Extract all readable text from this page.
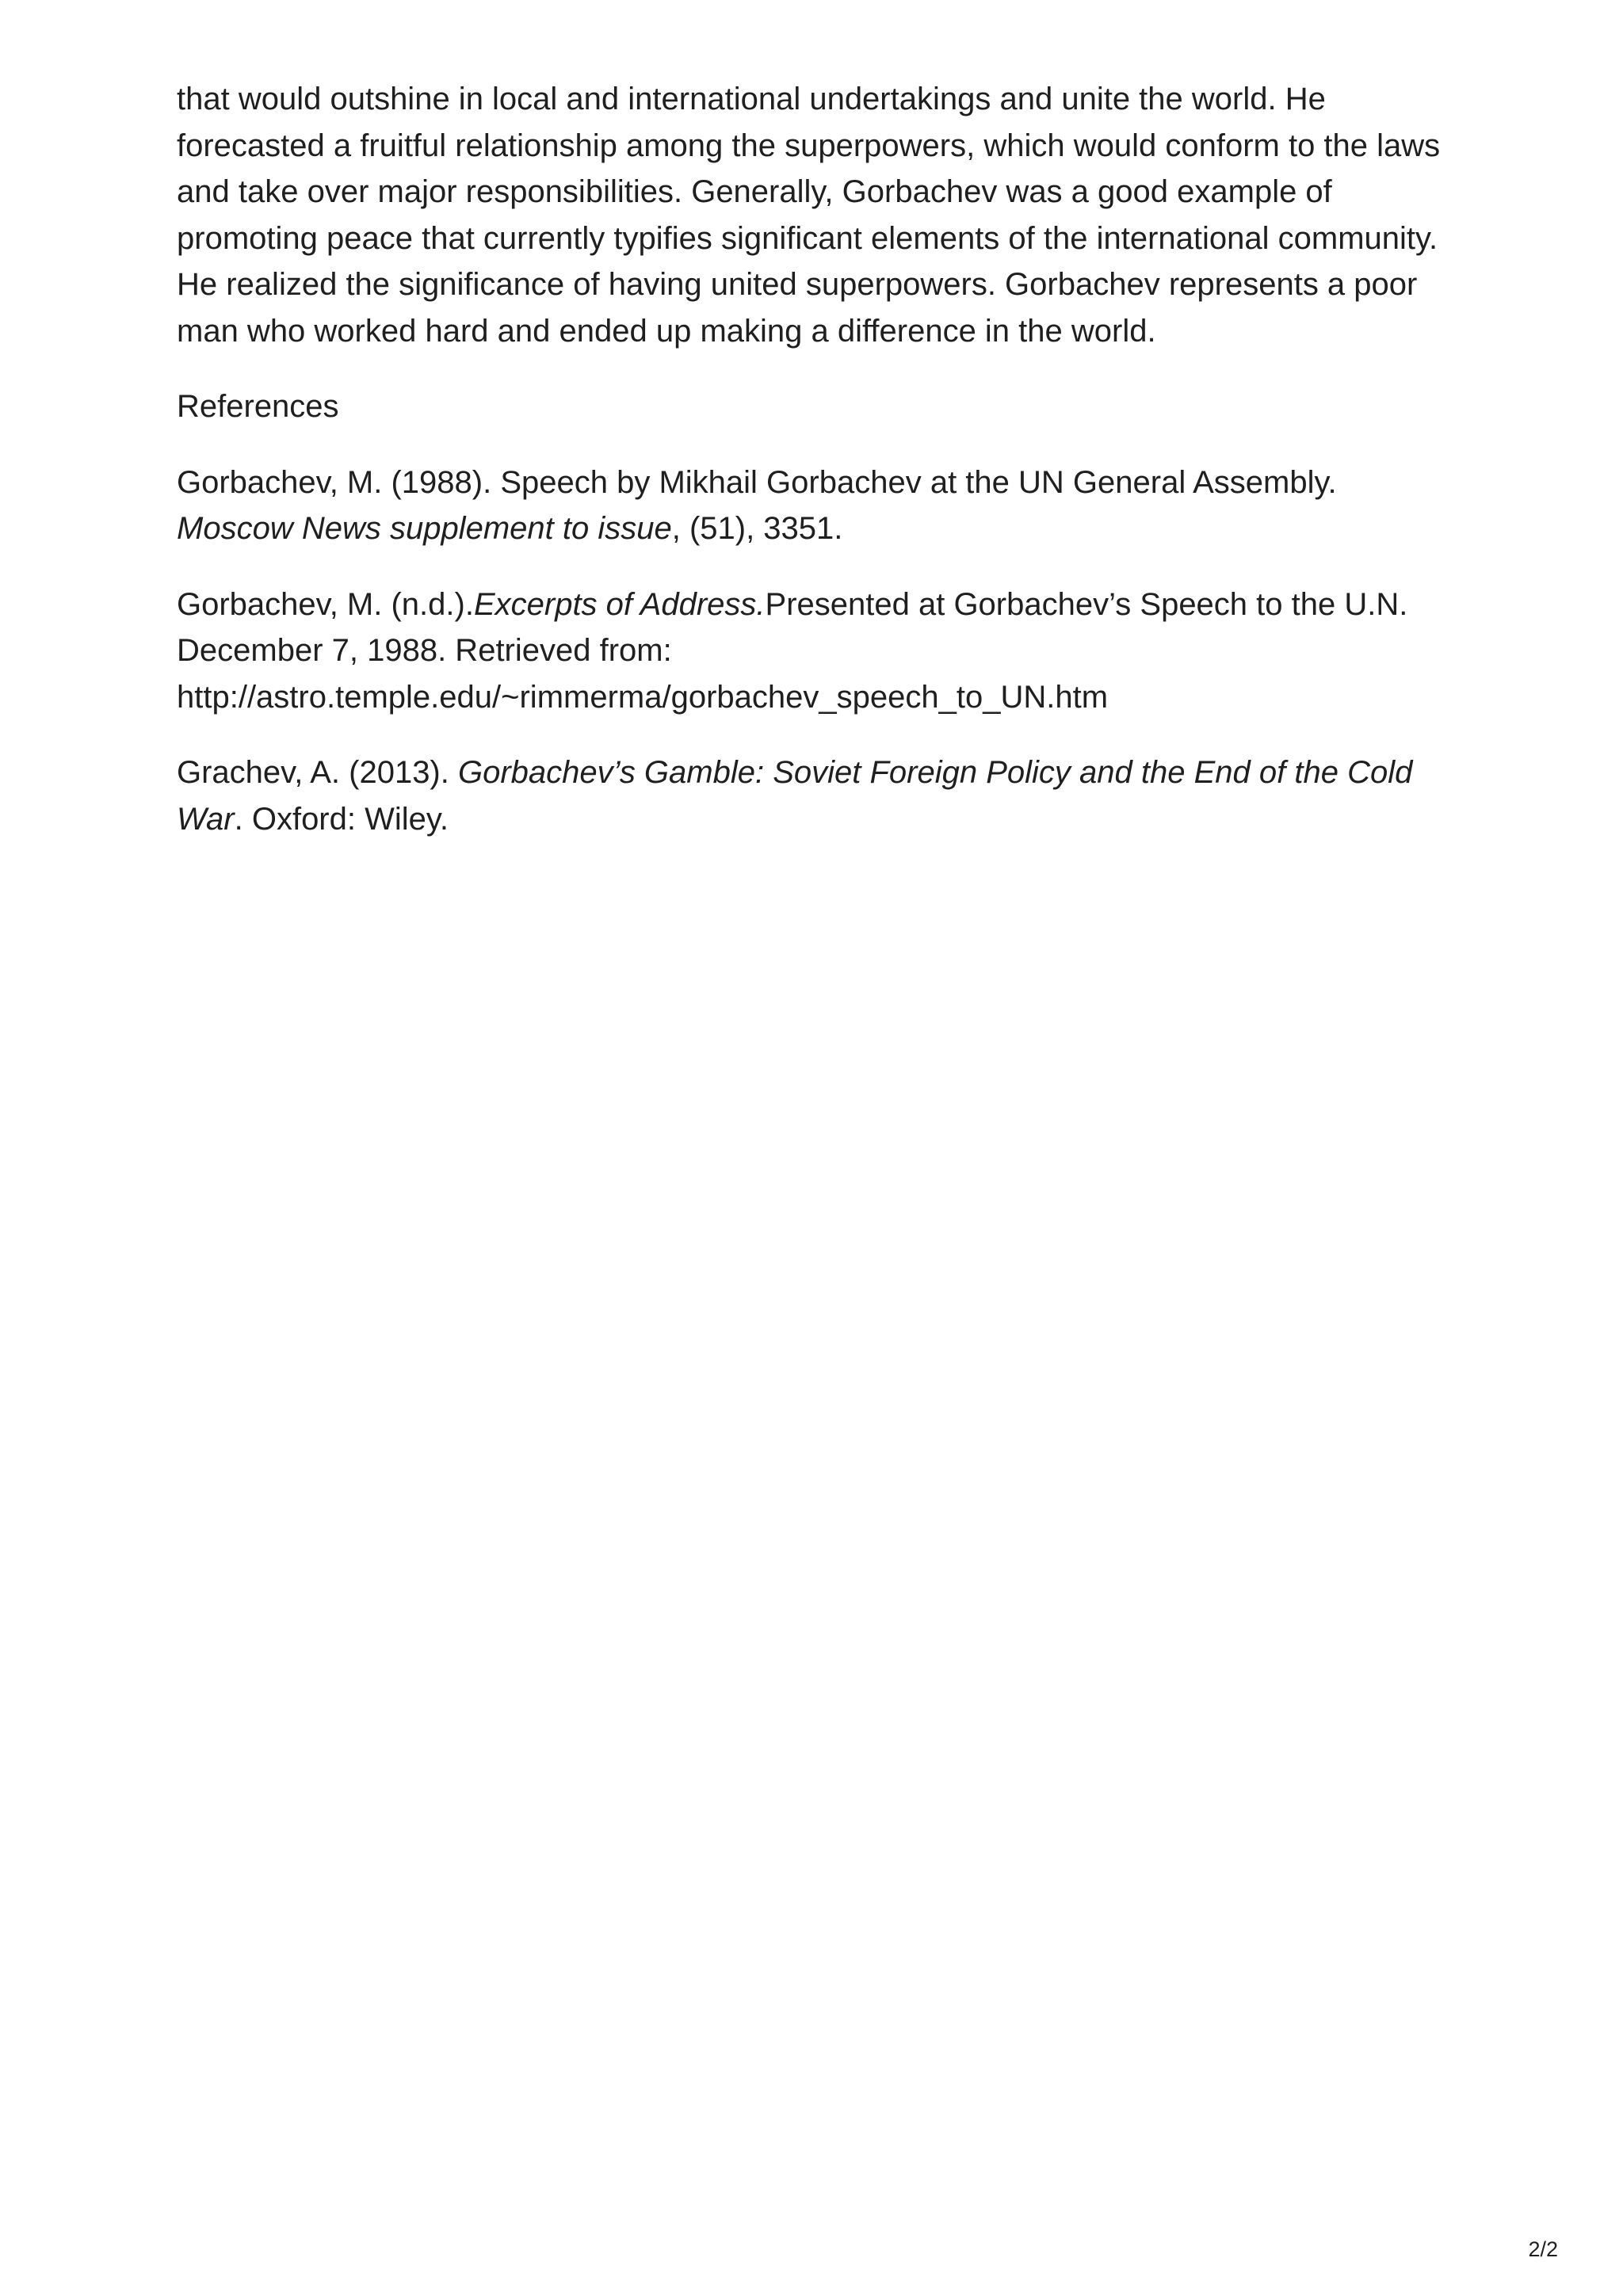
that would outshine in local and international undertakings and unite the world. He forecasted a fruitful relationship among the superpowers, which would conform to the laws and take over major responsibilities. Generally, Gorbachev was a good example of promoting peace that currently typifies significant elements of the international community. He realized the significance of having united superpowers. Gorbachev represents a poor man who worked hard and ended up making a difference in the world.

References

Gorbachev, M. (1988). Speech by Mikhail Gorbachev at the UN General Assembly. Moscow News supplement to issue, (51), 3351.

Gorbachev, M. (n.d.).Excerpts of Address.Presented at Gorbachev’s Speech to the U.N. December 7, 1988. Retrieved from: http://astro.temple.edu/~rimmerma/gorbachev_speech_to_UN.htm

Grachev, A. (2013). Gorbachev’s Gamble: Soviet Foreign Policy and the End of the Cold War. Oxford: Wiley.

2/2
